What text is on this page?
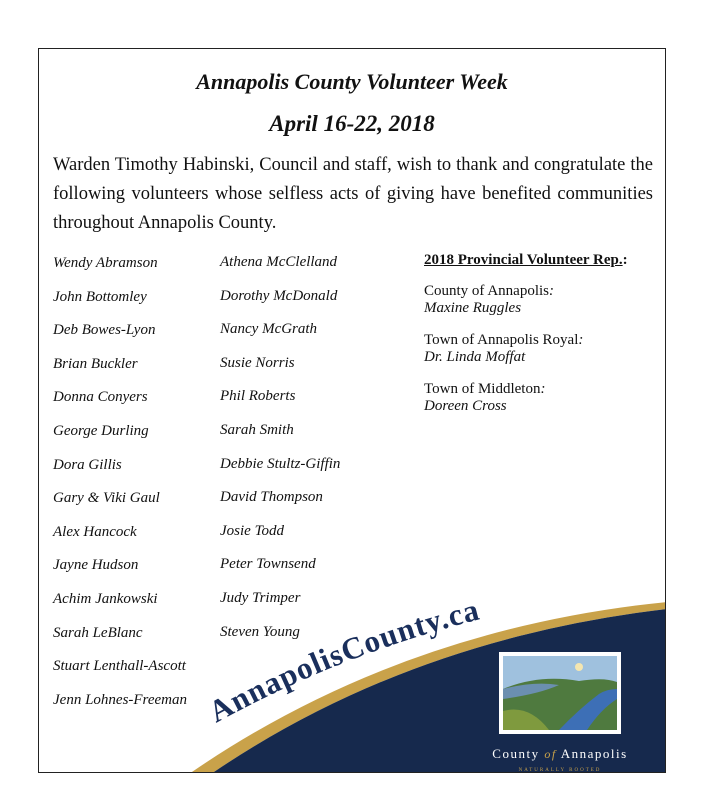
AnnapolisCounty.ca
County of Annapolis
NATURALLY ROOTED
Annapolis County Volunteer Week
April 16-22, 2018
Warden Timothy Habinski, Council and staff, wish to thank and congratulate the following volunteers whose selfless acts of giving have benefited communities throughout Annapolis County.
Wendy Abramson
John Bottomley
Deb Bowes-Lyon
Brian Buckler
Donna Conyers
George Durling
Dora Gillis
Gary & Viki Gaul
Alex Hancock
Jayne Hudson
Achim Jankowski
Sarah LeBlanc
Stuart Lenthall-Ascott
Jenn Lohnes-Freeman
Athena McClelland
Dorothy McDonald
Nancy McGrath
Susie Norris
Phil Roberts
Sarah Smith
Debbie Stultz-Giffin
David Thompson
Josie Todd
Peter Townsend
Judy Trimper
Steven Young
2018 Provincial Volunteer Rep.:
County of Annapolis:
Maxine Ruggles
Town of Annapolis Royal:
Dr. Linda Moffat
Town of Middleton:
Doreen Cross
